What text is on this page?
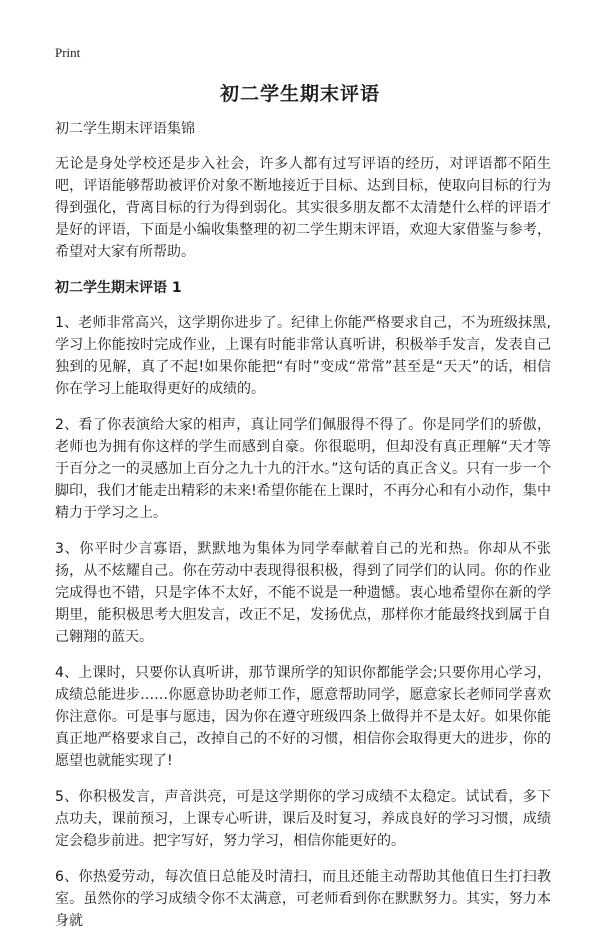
Print
初二学生期末评语
初二学生期末评语集锦

无论是身处学校还是步入社会，许多人都有过写评语的经历，对评语都不陌生吧，评语能够帮助被评价对象不断地接近于目标、达到目标，使取向目标的行为得到强化，背离目标的行为得到弱化。其实很多朋友都不太清楚什么样的评语才是好的评语，下面是小编收集整理的初二学生期末评语，欢迎大家借鉴与参考，希望对大家有所帮助。

初二学生期末评语 1

1、老师非常高兴，这学期你进步了。纪律上你能严格要求自己，不为班级抹黑,学习上你能按时完成作业，上课有时能非常认真听讲，积极举手发言，发表自己独到的见解，真了不起!如果你能把“有时”变成“常常”甚至是“天天”的话，相信你在学习上能取得更好的成绩的。

2、看了你表演给大家的相声，真让同学们佩服得不得了。你是同学们的骄傲，老师也为拥有你这样的学生而感到自豪。你很聪明，但却没有真正理解“天才等于百分之一的灵感加上百分之九十九的汗水。”这句话的真正含义。只有一步一个脚印，我们才能走出精彩的未来!希望你能在上课时，不再分心和有小动作，集中精力于学习之上。

3、你平时少言寡语，默默地为集体为同学奉献着自己的光和热。你却从不张扬，从不炫耀自己。你在劳动中表现得很积极，得到了同学们的认同。你的作业完成得也不错，只是字体不太好，不能不说是一种遗憾。衷心地希望你在新的学期里，能积极思考大胆发言，改正不足，发扬优点，那样你才能最终找到属于自己翱翔的蓝天。

4、上课时，只要你认真听讲，那节课所学的知识你都能学会;只要你用心学习，成绩总能进步……你愿意协助老师工作，愿意帮助同学，愿意家长老师同学喜欢你注意你。可是事与愿违，因为你在遵守班级四条上做得并不是太好。如果你能真正地严格要求自己，改掉自己的不好的习惯，相信你会取得更大的进步，你的愿望也就能实现了!

5、你积极发言，声音洪亮，可是这学期你的学习成绩不太稳定。试试看，多下点功夫，课前预习，上课专心听讲，课后及时复习，养成良好的学习习惯，成绩定会稳步前进。把字写好，努力学习，相信你能更好的。

6、你热爱劳动，每次值日总能及时清扫，而且还能主动帮助其他值日生打扫教室。虽然你的学习成绩令你不太满意，可老师看到你在默默努力。其实，努力本身就
